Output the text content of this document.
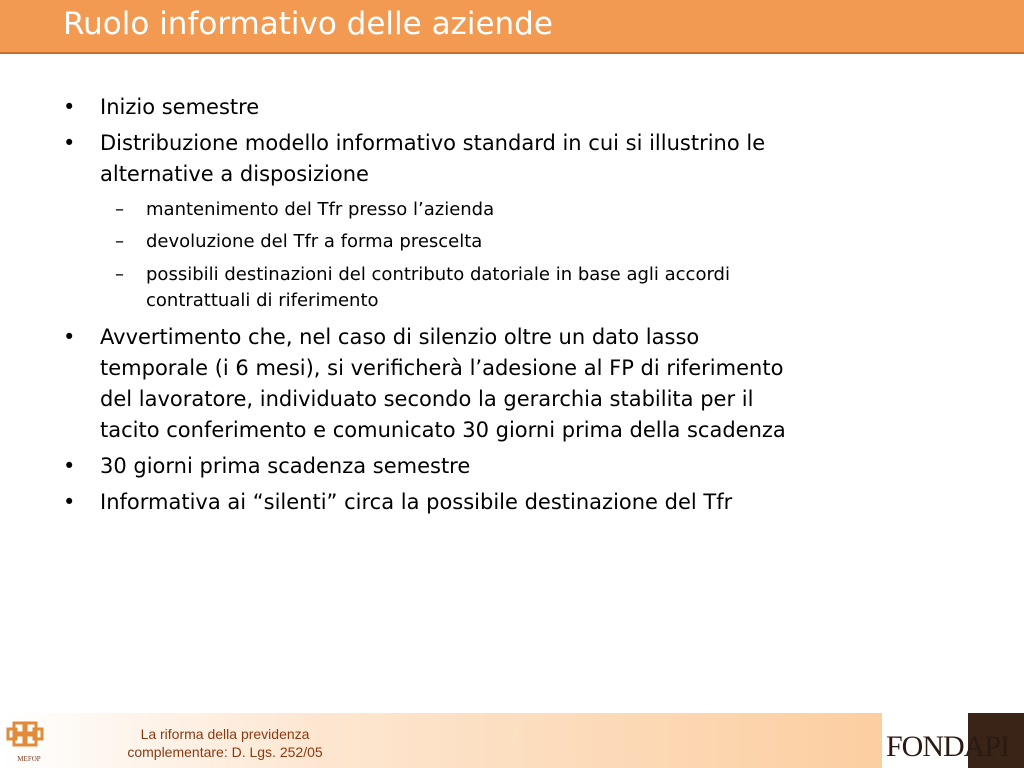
Ruolo informativo delle aziende
•	Inizio semestre
•	Distribuzione modello informativo standard in cui si illustrino le
alternative a disposizione
– mantenimento del Tfr presso l’azienda
– devoluzione del Tfr a forma prescelta
– possibili destinazioni del contributo datoriale in base agli accordi
contrattuali di riferimento
•	Avvertimento che, nel caso di silenzio oltre un dato lasso
temporale (i 6 mesi), si verificherà l’adesione al FP di riferimento
del lavoratore, individuato secondo la gerarchia stabilita per il
tacito conferimento e comunicato 30 giorni prima della scadenza
•	30 giorni prima scadenza semestre
•	Informativa ai “silenti” circa la possibile destinazione del Tfr
MEFOP
La riforma della previdenza
complementare: D. Lgs. 252/05
7	FONDAPI
